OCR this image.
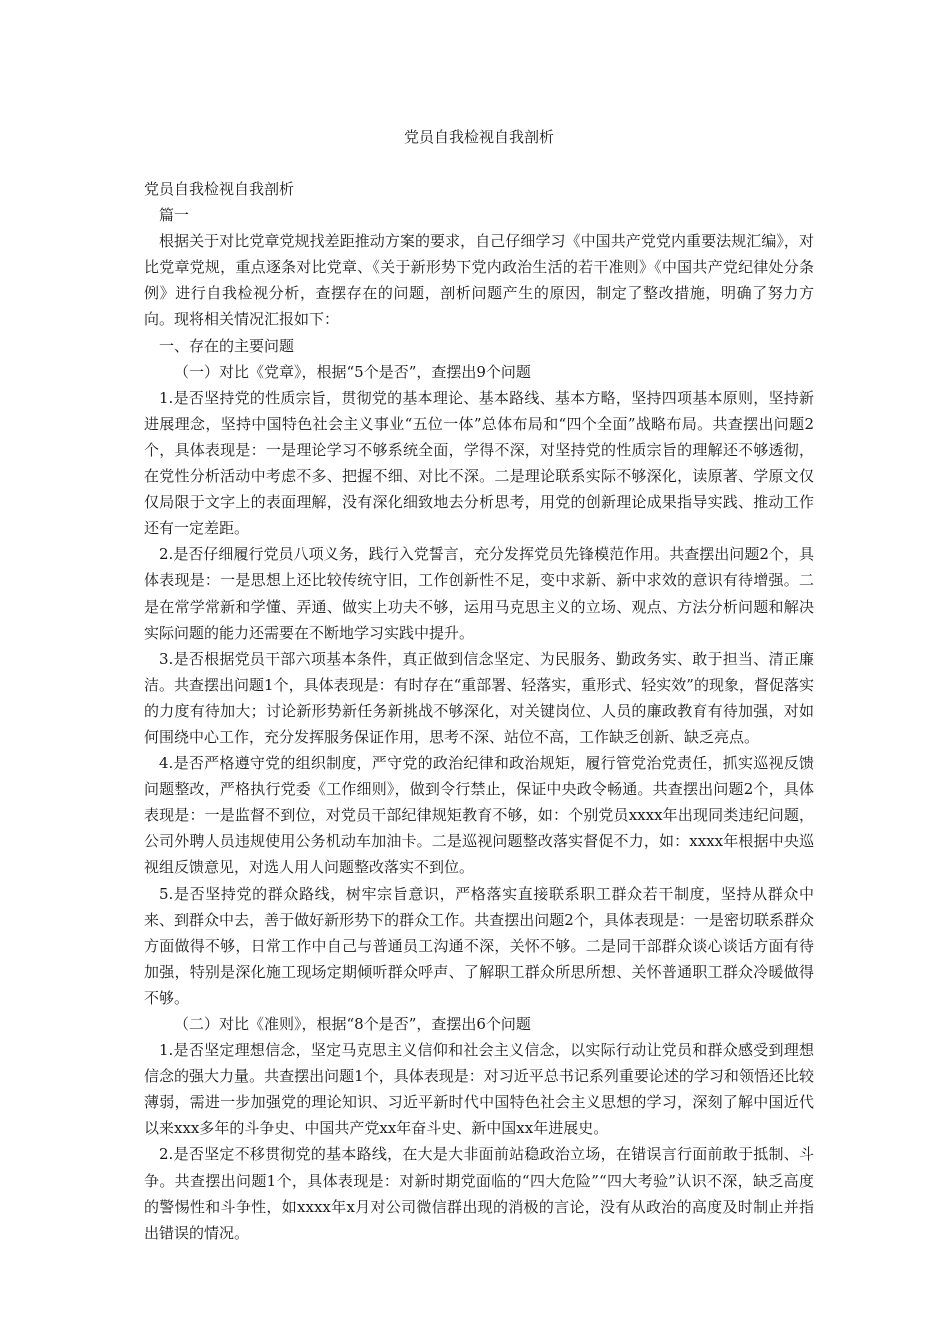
党员自我检视自我剖析

党员自我检视自我剖析

篇一

根据关于对比党章党规找差距推动方案的要求，自己仔细学习《中国共产党党内重要法规汇编》，对比党章党规，重点逐条对比党章、《关于新形势下党内政治生活的若干准则》《中国共产党纪律处分条例》进行自我检视分析，查摆存在的问题，剖析问题产生的原因，制定了整改措施，明确了努力方向。现将相关情况汇报如下：

一、存在的主要问题

（一）对比《党章》，根据“5个是否”，查摆出9个问题

1.是否坚持党的性质宗旨，贯彻党的基本理论、基本路线、基本方略，坚持四项基本原则，坚持新进展理念，坚持中国特色社会主义事业“五位一体”总体布局和“四个全面”战略布局。共查摆出问题2个，具体表现是：一是理论学习不够系统全面，学得不深，对坚持党的性质宗旨的理解还不够透彻，在党性分析活动中考虑不多、把握不细、对比不深。二是理论联系实际不够深化，读原著、学原文仅仅局限于文字上的表面理解，没有深化细致地去分析思考，用党的创新理论成果指导实践、推动工作还有一定差距。

2.是否仔细履行党员八项义务，践行入党誓言，充分发挥党员先锋模范作用。共查摆出问题2个，具体表现是：一是思想上还比较传统守旧，工作创新性不足，变中求新、新中求效的意识有待增强。二是在常学常新和学懂、弄通、做实上功夫不够，运用马克思主义的立场、观点、方法分析问题和解决实际问题的能力还需要在不断地学习实践中提升。

3.是否根据党员干部六项基本条件，真正做到信念坚定、为民服务、勤政务实、敢于担当、清正廉洁。共查摆出问题1个，具体表现是：有时存在“重部署、轻落实，重形式、轻实效”的现象，督促落实的力度有待加大；讨论新形势新任务新挑战不够深化，对关键岗位、人员的廉政教育有待加强，对如何围绕中心工作，充分发挥服务保证作用，思考不深、站位不高，工作缺乏创新、缺乏亮点。

4.是否严格遵守党的组织制度，严守党的政治纪律和政治规矩，履行管党治党责任，抓实巡视反馈问题整改，严格执行党委《工作细则》，做到令行禁止，保证中央政令畅通。共查摆出问题2个，具体表现是：一是监督不到位，对党员干部纪律规矩教育不够，如：个别党员xxxx年出现同类违纪问题，公司外聘人员违规使用公务机动车加油卡。二是巡视问题整改落实督促不力，如：xxxx年根据中央巡视组反馈意见，对选人用人问题整改落实不到位。

5.是否坚持党的群众路线，树牢宗旨意识，严格落实直接联系职工群众若干制度，坚持从群众中来、到群众中去，善于做好新形势下的群众工作。共查摆出问题2个，具体表现是：一是密切联系群众方面做得不够，日常工作中自己与普通员工沟通不深，关怀不够。二是同干部群众谈心谈话方面有待加强，特别是深化施工现场定期倾听群众呼声、了解职工群众所思所想、关怀普通职工群众冷暖做得不够。

（二）对比《准则》，根据“8个是否”，查摆出6个问题

1.是否坚定理想信念，坚定马克思主义信仰和社会主义信念，以实际行动让党员和群众感受到理想信念的强大力量。共查摆出问题1个，具体表现是：对习近平总书记系列重要论述的学习和领悟还比较薄弱，需进一步加强党的理论知识、习近平新时代中国特色社会主义思想的学习，深刻了解中国近代以来xxx多年的斗争史、中国共产党xx年奋斗史、新中国xx年进展史。

2.是否坚定不移贯彻党的基本路线，在大是大非面前站稳政治立场，在错误言行面前敢于抵制、斗争。共查摆出问题1个，具体表现是：对新时期党面临的“四大危险”“四大考验”认识不深，缺乏高度的警惕性和斗争性，如xxxx年x月对公司微信群出现的消极的言论，没有从政治的高度及时制止并指出错误的情况。
